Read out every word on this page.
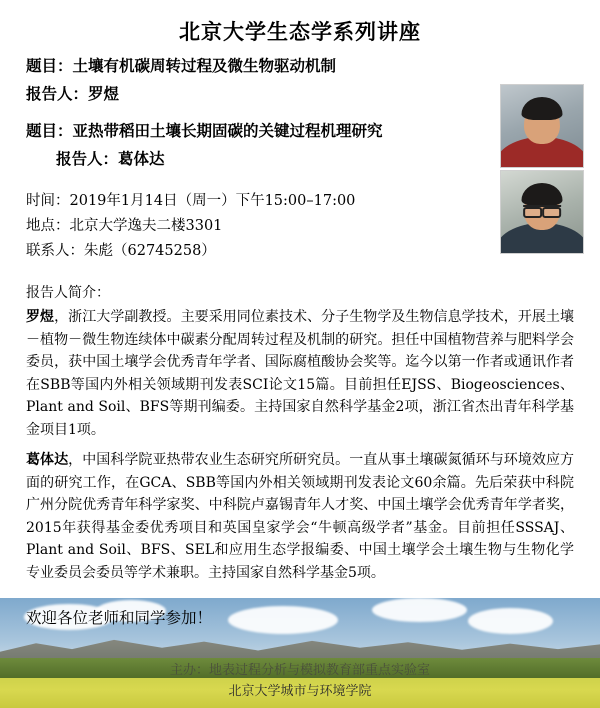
北京大学生态学系列讲座
题目：土壤有机碳周转过程及微生物驱动机制
报告人：罗煜
题目：亚热带稻田土壤长期固碳的关键过程机理研究
报告人：葛体达
时间：2019年1月14日（周一）下午15:00–17:00
地点：北京大学逸夫二楼3301
联系人：朱彪（62745258）
报告人简介：

罗煜，浙江大学副教授。主要采用同位素技术、分子生物学及生物信息学技术，开展土壤－植物－微生物连续体中碳素分配周转过程及机制的研究。担任中国植物营养与肥料学会委员，获中国土壤学会优秀青年学者、国际腐植酸协会奖等。迄今以第一作者或通讯作者在SBB等国内外相关领域期刊发表SCI论文15篇。目前担任EJSS、Biogeosciences、Plant and Soil、BFS等期刊编委。主持国家自然科学基金2项，浙江省杰出青年科学基金项目1项。

葛体达，中国科学院亚热带农业生态研究所研究员。一直从事土壤碳氮循环与环境效应方面的研究工作，在GCA、SBB等国内外相关领域期刊发表论文60余篇。先后荣获中科院广州分院优秀青年科学家奖、中科院卢嘉锡青年人才奖、中国土壤学会优秀青年学者奖，2015年获得基金委优秀项目和英国皇家学会“牛顿高级学者”基金。目前担任SSSAJ、Plant and Soil、BFS、SEL和应用生态学报编委、中国土壤学会土壤生物与生物化学专业委员会委员等学术兼职。主持国家自然科学基金5项。

欢迎各位老师和同学参加！
主办：地表过程分析与模拟教育部重点实验室
北京大学城市与环境学院
